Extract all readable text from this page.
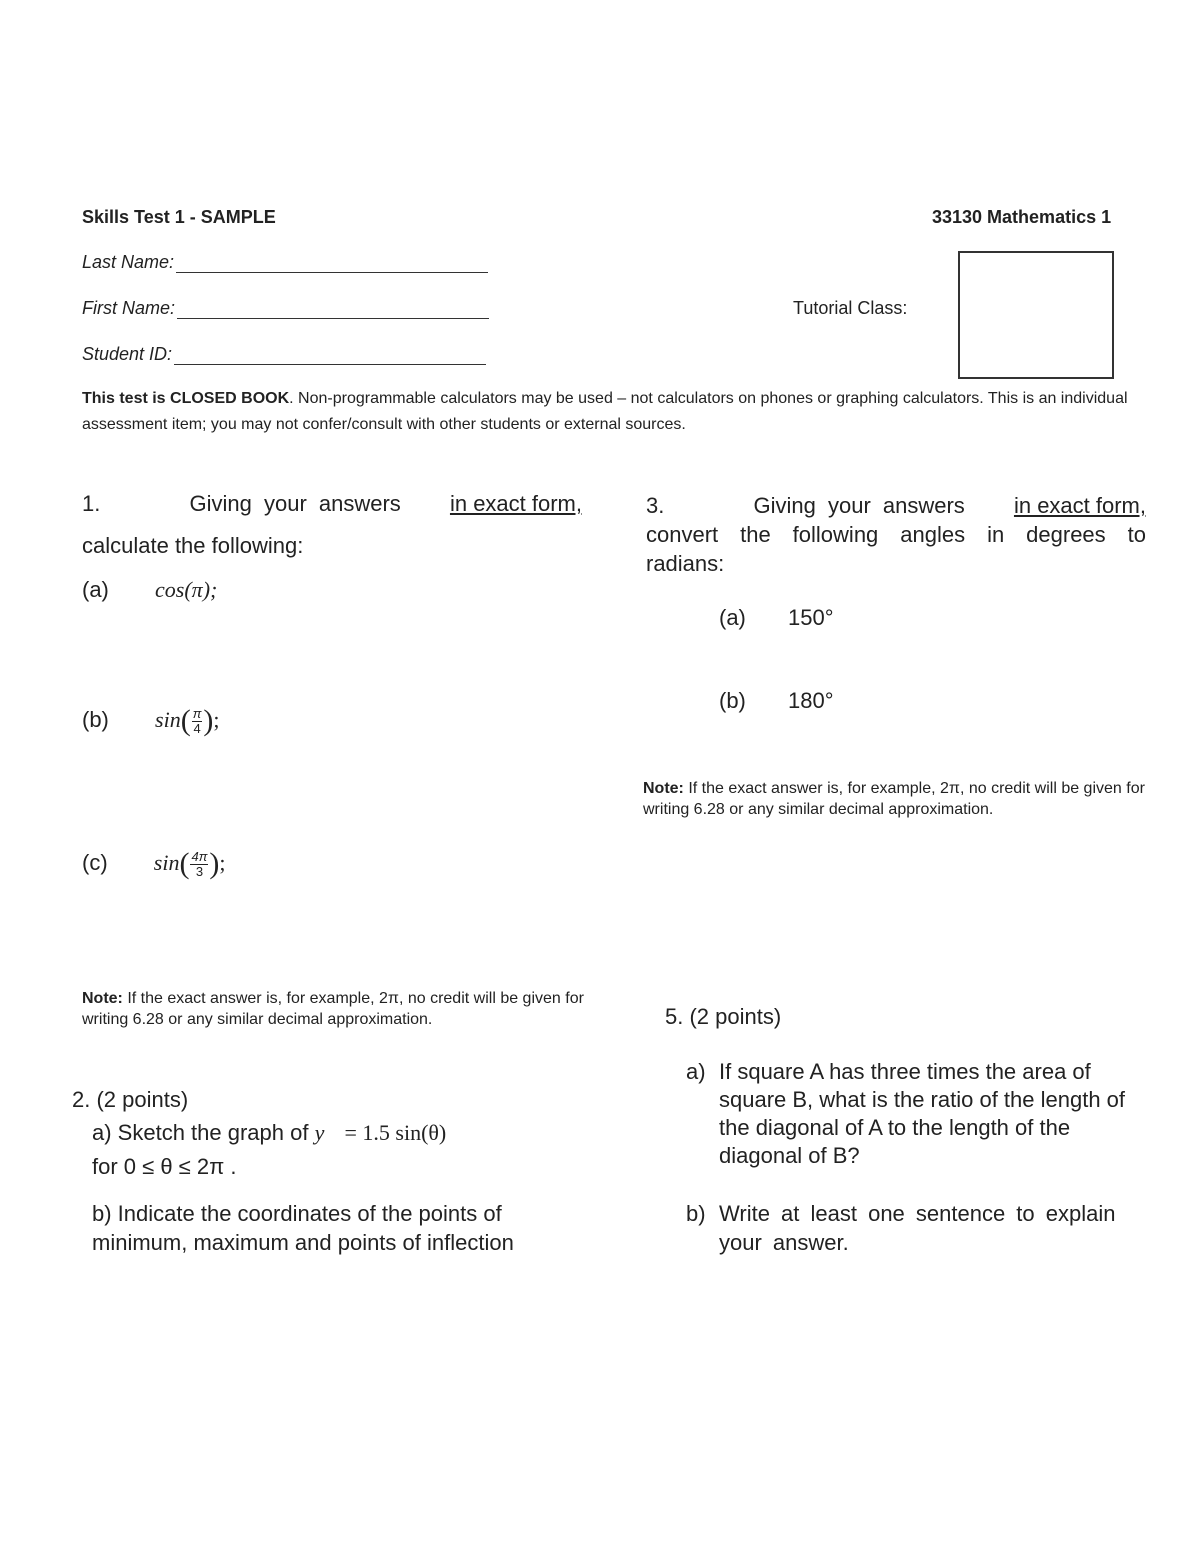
Skills Test 1 - SAMPLE	33130 Mathematics 1
Last Name:
First Name:
Student ID:
Tutorial Class:
This test is CLOSED BOOK. Non-programmable calculators may be used – not calculators on phones or graphing calculators. This is an individual assessment item; you may not confer/consult with other students or external sources.
1.	Giving your answers in exact form,
calculate the following:
(a) cos(π);
(b) $\sin( \frac{\pi}{4}$ );
(c) $\sin( \frac{4\pi}{3}$ );
Note: If the exact answer is, for example, 2π, no credit will be given for writing 6.28 or any similar decimal approximation.
2. (2 points)
a) Sketch the graph of y = 1.5 sin(θ)
for 0 ≤ θ ≤ 2π .
b) Indicate the coordinates of the points of minimum, maximum and points of inflection
3.	Giving your answers in exact form,
convert the following angles in degrees to radians:
(a) 150°
(b) 180°
Note: If the exact answer is, for example, 2π, no credit will be given for writing 6.28 or any similar decimal approximation.
5. (2 points)
a) If square A has three times the area of square B, what is the ratio of the length of the diagonal of A to the length of the diagonal of B?
b) Write at least one sentence to explain your answer.
